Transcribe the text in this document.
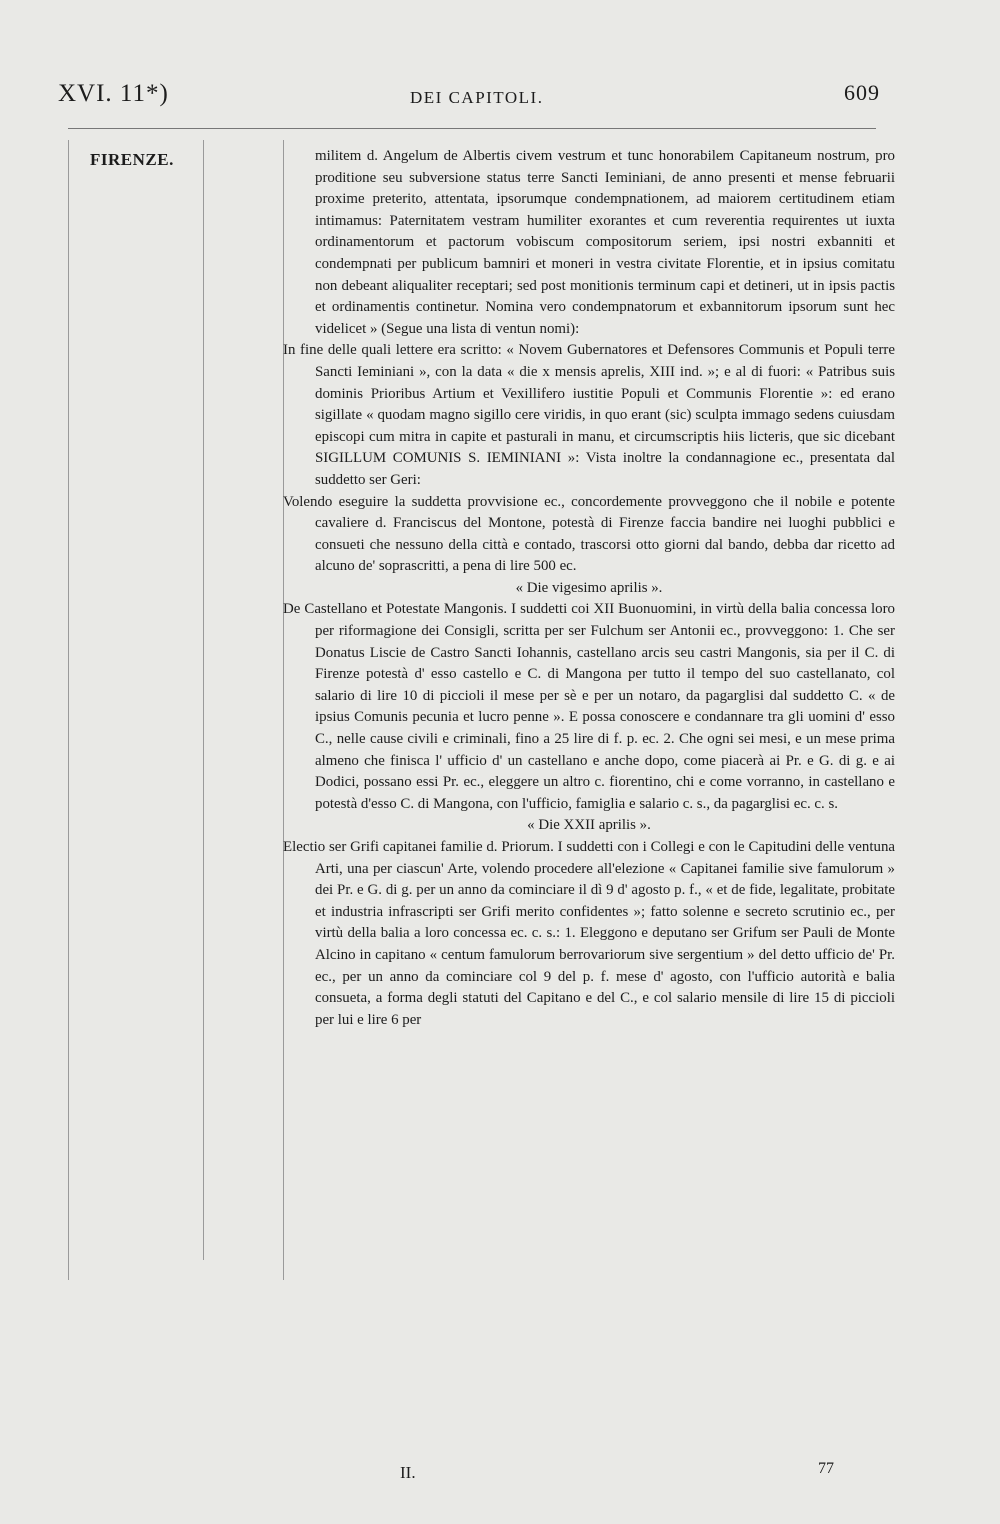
XVI. 11*)	DEI CAPITOLI.	609
FIRENZE.	militem d. Angelum de Albertis civem vestrum et tunc honorabilem Capitaneum nostrum, pro proditione seu subversione status terre Sancti Ieminiani, de anno presenti et mense februarii proxime preterito, attentata, ipsorumque condempnationem, ad maiorem certitudinem etiam intimamus: Paternitatem vestram humiliter exorantes et cum reverentia requirentes ut iuxta ordinamentorum et pactorum vobiscum compositorum seriem, ipsi nostri exbanniti et condempnati per publicum bamniri et moneri in vestra civitate Florentie, et in ipsius comitatu non debeant aliqualiter receptari; sed post monitionis terminum capi et detineri, ut in ipsis pactis et ordinamentis continetur. Nomina vero condempnatorum et exbannitorum ipsorum sunt hec videlicet » (Segue una lista di ventun nomi):

In fine delle quali lettere era scritto: « Novem Gubernatores et Defensores Communis et Populi terre Sancti Ieminiani », con la data « die x mensis aprelis, XIII ind. »; e al di fuori: « Patribus suis dominis Prioribus Artium et Vexillifero iustitie Populi et Communis Florentie »: ed erano sigillate « quodam magno sigillo cere viridis, in quo erant (sic) sculpta immago sedens cuiusdam episcopi cum mitra in capite et pasturali in manu, et circumscriptis hiis licteris, que sic dicebant SIGILLUM COMUNIS S. IEMINIANI »: Vista inoltre la condannagione ec., presentata dal suddetto ser Geri:

Volendo eseguire la suddetta provvisione ec., concordemente provveggono che il nobile e potente cavaliere d. Franciscus del Montone, potestà di Firenze faccia bandire nei luoghi pubblici e consueti che nessuno della città e contado, trascorsi otto giorni dal bando, debba dar ricetto ad alcuno de' soprascritti, a pena di lire 500 ec.

« Die vigesimo aprilis ».

De Castellano et Potestate Mangonis. I suddetti coi XII Buonuomini, in virtù della balia concessa loro per riformagione dei Consigli, scritta per ser Fulchum ser Antonii ec., provveggono: 1. Che ser Donatus Liscie de Castro Sancti Iohannis, castellano arcis seu castri Mangonis, sia per il C. di Firenze potestà d' esso castello e C. di Mangona per tutto il tempo del suo castellanato, col salario di lire 10 di piccioli il mese per sè e per un notaro, da pagarglisi dal suddetto C. « de ipsius Comunis pecunia et lucro penne ». E possa conoscere e condannare tra gli uomini d' esso C., nelle cause civili e criminali, fino a 25 lire di f. p. ec. 2. Che ogni sei mesi, e un mese prima almeno che finisca l' ufficio d' un castellano e anche dopo, come piacerà ai Pr. e G. di g. e ai Dodici, possano essi Pr. ec., eleggere un altro c. fiorentino, chi e come vorranno, in castellano e potestà d'esso C. di Mangona, con l'ufficio, famiglia e salario c. s., da pagarglisi ec. c. s.

« Die XXII aprilis ».

Electio ser Grifi capitanei familie d. Priorum. I suddetti con i Collegi e con le Capitudini delle ventuna Arti, una per ciascun' Arte, volendo procedere all'elezione « Capitanei familie sive famulorum » dei Pr. e G. di g. per un anno da cominciare il dì 9 d' agosto p. f., « et de fide, legalitate, probitate et industria infrascripti ser Grifi merito confidentes »; fatto solenne e secreto scrutinio ec., per virtù della balia a loro concessa ec. c. s.: 1. Eleggono e deputano ser Grifum ser Pauli de Monte Alcino in capitano « centum famulorum berrovariorum sive sergentium » del detto ufficio de' Pr. ec., per un anno da cominciare col 9 del p. f. mese d' agosto, con l'ufficio autorità e balia consueta, a forma degli statuti del Capitano e del C., e col salario mensile di lire 15 di piccioli per lui e lire 6 per

II.	77
